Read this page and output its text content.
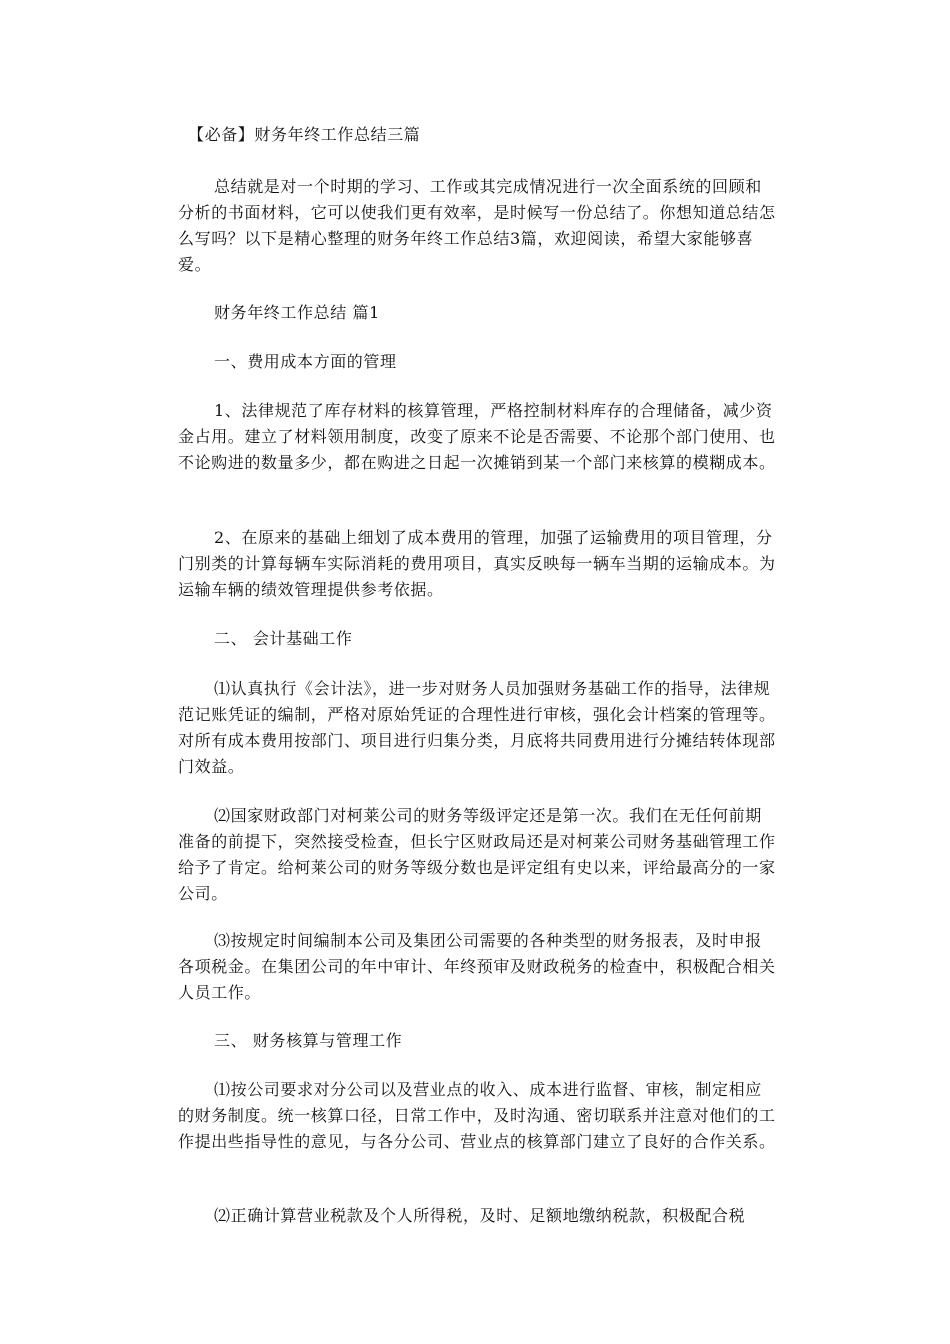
【必备】财务年终工作总结三篇

总结就是对一个时期的学习、工作或其完成情况进行一次全面系统的回顾和分析的书面材料，它可以使我们更有效率，是时候写一份总结了。你想知道总结怎么写吗？以下是精心整理的财务年终工作总结3篇，欢迎阅读，希望大家能够喜爱。

财务年终工作总结 篇1

一、费用成本方面的管理

1、法律规范了库存材料的核算管理，严格控制材料库存的合理储备，减少资金占用。建立了材料领用制度，改变了原来不论是否需要、不论那个部门使用、也不论购进的数量多少，都在购进之日起一次摊销到某一个部门来核算的模糊成本。

2、在原来的基础上细划了成本费用的管理，加强了运输费用的项目管理，分门别类的计算每辆车实际消耗的费用项目，真实反映每一辆车当期的运输成本。为运输车辆的绩效管理提供参考依据。

二、 会计基础工作

⑴认真执行《会计法》，进一步对财务人员加强财务基础工作的指导，法律规范记账凭证的编制，严格对原始凭证的合理性进行审核，强化会计档案的管理等。对所有成本费用按部门、项目进行归集分类，月底将共同费用进行分摊结转体现部门效益。

⑵国家财政部门对柯莱公司的财务等级评定还是第一次。我们在无任何前期准备的前提下，突然接受检查，但长宁区财政局还是对柯莱公司财务基础管理工作给予了肯定。给柯莱公司的财务等级分数也是评定组有史以来，评给最高分的一家公司。

⑶按规定时间编制本公司及集团公司需要的各种类型的财务报表，及时申报各项税金。在集团公司的年中审计、年终预审及财政税务的检查中，积极配合相关人员工作。

三、 财务核算与管理工作

⑴按公司要求对分公司以及营业点的收入、成本进行监督、审核，制定相应的财务制度。统一核算口径，日常工作中，及时沟通、密切联系并注意对他们的工作提出些指导性的意见，与各分公司、营业点的核算部门建立了良好的合作关系。

⑵正确计算营业税款及个人所得税，及时、足额地缴纳税款，积极配合税
